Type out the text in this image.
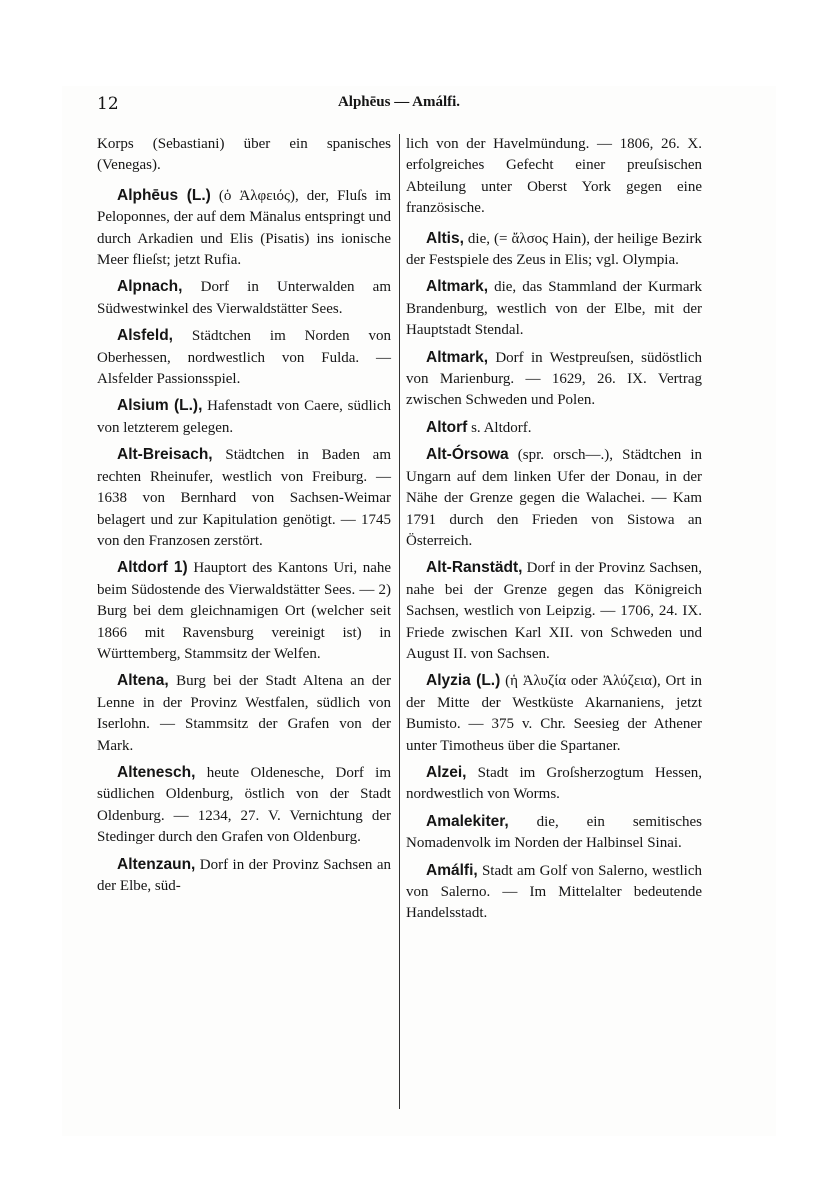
12	Alphēus — Amálfi.
Korps (Sebastiani) über ein spanisches (Venegas).
Alphēus (L.) (ὁ Ἀλφειός), der, Fluſs im Peloponnes, der auf dem Mänalus entspringt und durch Arkadien und Elis (Pisatis) ins ionische Meer flieſst; jetzt Rufia.
Alpnach, Dorf in Unterwalden am Südwestwinkel des Vierwaldstätter Sees.
Alsfeld, Städtchen im Norden von Oberhessen, nordwestlich von Fulda. — Alsfelder Passionsspiel.
Alsium (L.), Hafenstadt von Caere, südlich von letzterem gelegen.
Alt-Breisach, Städtchen in Baden am rechten Rheinufer, westlich von Freiburg. — 1638 von Bernhard von Sachsen-Weimar belagert und zur Kapitulation genötigt. — 1745 von den Franzosen zerstört.
Altdorf 1) Hauptort des Kantons Uri, nahe beim Südostende des Vierwaldstätter Sees. — 2) Burg bei dem gleichnamigen Ort (welcher seit 1866 mit Ravensburg vereinigt ist) in Württemberg, Stammsitz der Welfen.
Altena, Burg bei der Stadt Altena an der Lenne in der Provinz Westfalen, südlich von Iserlohn. — Stammsitz der Grafen von der Mark.
Altenesch, heute Oldenesche, Dorf im südlichen Oldenburg, östlich von der Stadt Oldenburg. — 1234, 27. V. Vernichtung der Stedinger durch den Grafen von Oldenburg.
Altenzaun, Dorf in der Provinz Sachsen an der Elbe, süd-
lich von der Havelmündung. — 1806, 26. X. erfolgreiches Gefecht einer preuſsischen Abteilung unter Oberst York gegen eine französische.
Altis, die, (= ἄλσος Hain), der heilige Bezirk der Festspiele des Zeus in Elis; vgl. Olympia.
Altmark, die, das Stammland der Kurmark Brandenburg, westlich von der Elbe, mit der Hauptstadt Stendal.
Altmark, Dorf in Westpreuſsen, südöstlich von Marienburg. — 1629, 26. IX. Vertrag zwischen Schweden und Polen.
Altorf s. Altdorf.
Alt-Órsowa (spr. orsch—.), Städtchen in Ungarn auf dem linken Ufer der Donau, in der Nähe der Grenze gegen die Walachei. — Kam 1791 durch den Frieden von Sistowa an Österreich.
Alt-Ranstädt, Dorf in der Provinz Sachsen, nahe bei der Grenze gegen das Königreich Sachsen, westlich von Leipzig. — 1706, 24. IX. Friede zwischen Karl XII. von Schweden und August II. von Sachsen.
Alyzia (L.) (ἡ Ἀλυζία oder Ἀλύζεια), Ort in der Mitte der Westküste Akarnaniens, jetzt Bumisto. — 375 v. Chr. Seesieg der Athener unter Timotheus über die Spartaner.
Alzei, Stadt im Groſsherzogtum Hessen, nordwestlich von Worms.
Amalekiter, die, ein semitisches Nomadenvolk im Norden der Halbinsel Sinai.
Amálfi, Stadt am Golf von Salerno, westlich von Salerno. — Im Mittelalter bedeutende Handelsstadt.
